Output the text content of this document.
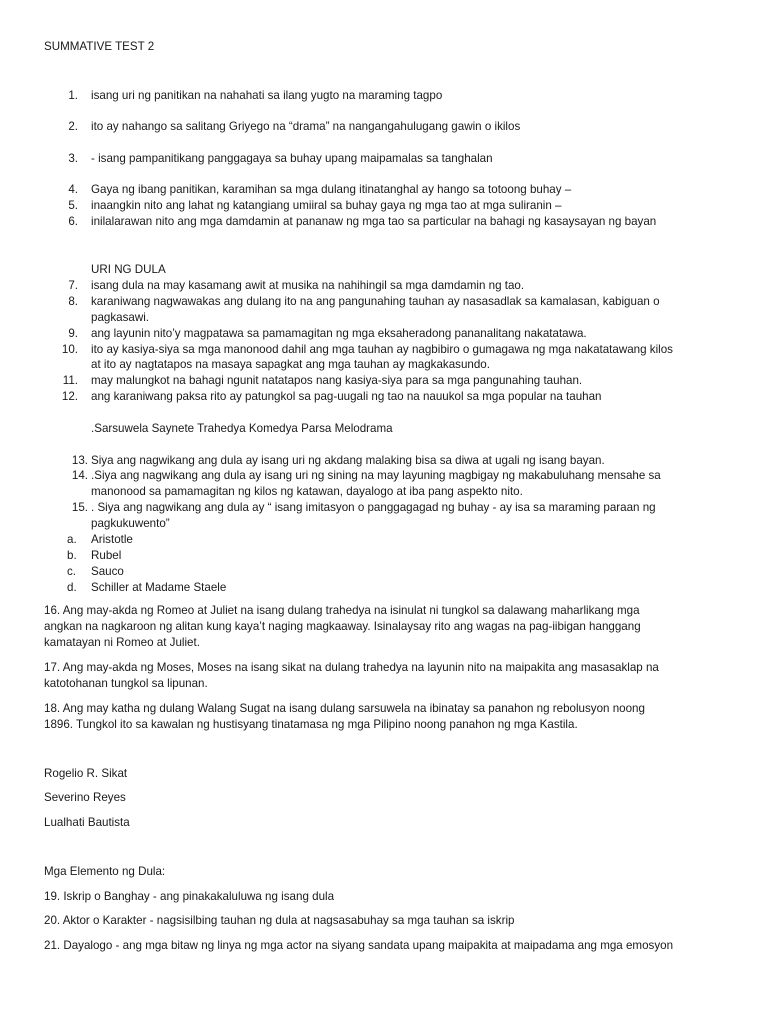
SUMMATIVE TEST 2
1. isang uri ng panitikan na nahahati sa ilang yugto na maraming tagpo
2. ito ay nahango sa salitang Griyego na “drama” na nangangahulugang gawin o ikilos
3. - isang pampanitikang panggagaya sa buhay upang maipamalas sa tanghalan
4. Gaya ng ibang panitikan, karamihan sa mga dulang itinatanghal ay hango sa totoong buhay –
5. inaangkin nito ang lahat ng katangiang umiiral sa buhay gaya ng mga tao at mga suliranin –
6. inilalarawan nito ang mga damdamin at pananaw ng mga tao sa particular na bahagi ng kasaysayan ng bayan
URI NG DULA
7. isang dula na may kasamang awit at musika na nahihingil sa mga damdamin ng tao.
8. karaniwang nagwawakas ang dulang ito na ang pangunahing tauhan ay nasasadlak sa kamalasan, kabiguan o
pagkasawi.
9. ang layunin nito’y magpatawa sa pamamagitan ng mga eksaheradong pananalitang nakatatawa.
10. ito ay kasiya-siya sa mga manonood dahil ang mga tauhan ay nagbibiro o gumagawa ng mga nakatatawang kilos
at ito ay nagtatapos na masaya sapagkat ang mga tauhan ay magkakasundo.
11. may malungkot na bahagi ngunit natatapos nang kasiya-siya para sa mga pangunahing tauhan.
12. ang karaniwang paksa rito ay patungkol sa pag-uugali ng tao na nauukol sa mga popular na tauhan
.Sarsuwela Saynete Trahedya Komedya Parsa Melodrama
13. Siya ang nagwikang ang dula ay isang uri ng akdang malaking bisa sa diwa at ugali ng isang bayan.
14. .Siya ang nagwikang ang dula ay isang uri ng sining na may layuning magbigay ng makabuluhang mensahe sa
manonood sa pamamagitan ng kilos ng katawan, dayalogo at iba pang aspekto nito.
15. . Siya ang nagwikang ang dula ay “ isang imitasyon o panggagagad ng buhay - ay isa sa maraming paraan ng
pagkukuwento”
a. Aristotle
b. Rubel
c. Sauco
d. Schiller at Madame Staele
16. Ang may-akda ng Romeo at Juliet na isang dulang trahedya na isinulat ni tungkol sa dalawang maharlikang mga
angkan na nagkaroon ng alitan kung kaya’t naging magkaaway. Isinalaysay rito ang wagas na pag-iibigan hanggang
kamatayan ni Romeo at Juliet.
17. Ang may-akda ng Moses, Moses na isang sikat na dulang trahedya na layunin nito na maipakita ang masasaklap na
katotohanan tungkol sa lipunan.
18. Ang may katha ng dulang Walang Sugat na isang dulang sarsuwela na ibinatay sa panahon ng rebolusyon noong
1896. Tungkol ito sa kawalan ng hustisyang tinatamasa ng mga Pilipino noong panahon ng mga Kastila.
Rogelio R. Sikat
Severino Reyes
Lualhati Bautista
Mga Elemento ng Dula:
19. Iskrip o Banghay - ang pinakakaluluwa ng isang dula
20. Aktor o Karakter - nagsisilbing tauhan ng dula at nagsasabuhay sa mga tauhan sa iskrip
21. Dayalogo - ang mga bitaw ng linya ng mga actor na siyang sandata upang maipakita at maipadama ang mga emosyon
